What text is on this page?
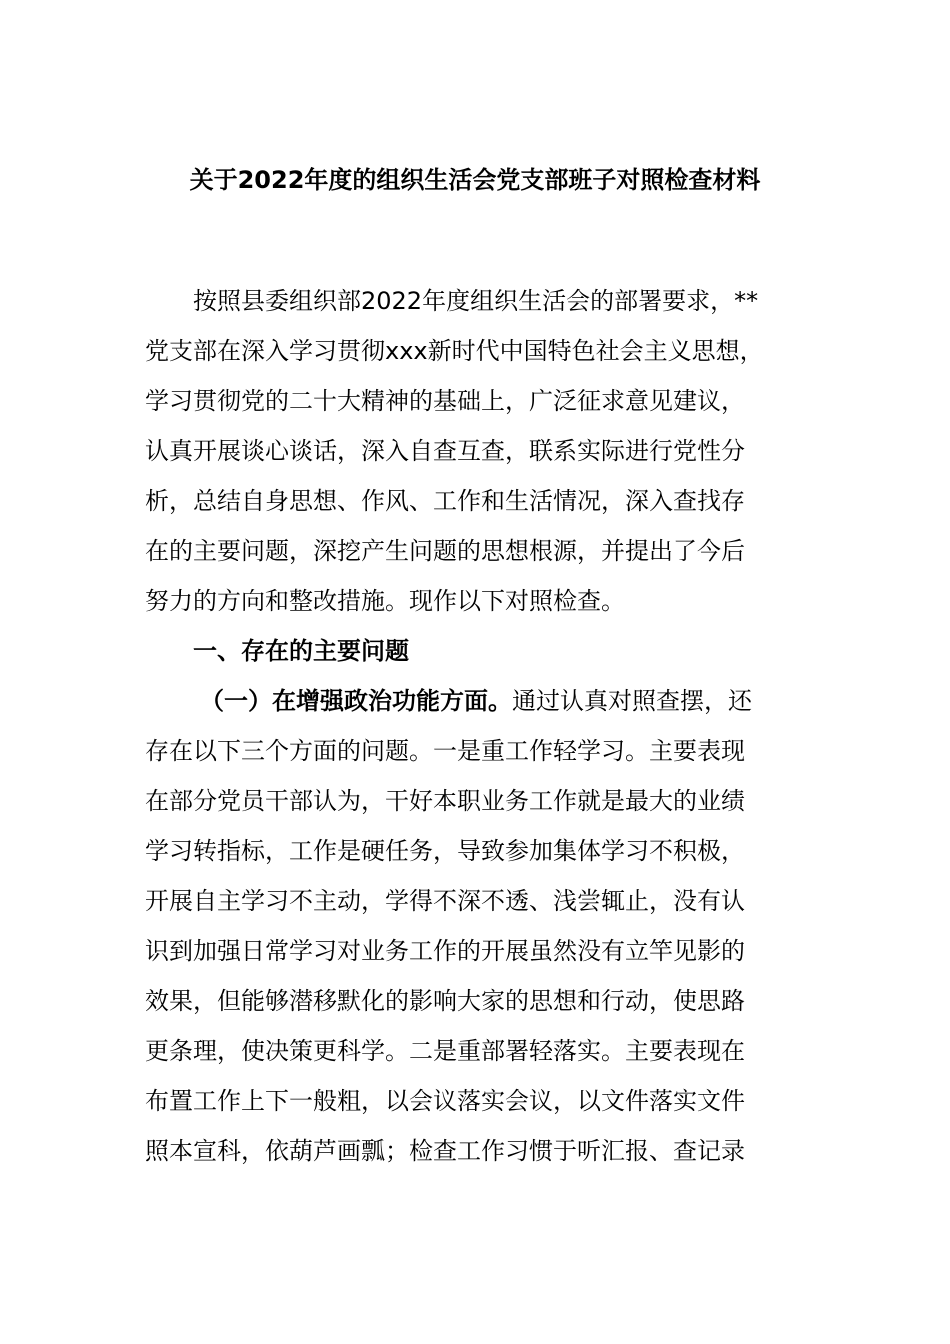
关于2022年度的组织生活会党支部班子对照检查材料
按照县委组织部2022年度组织生活会的部署要求，**
党支部在深入学习贯彻xxx新时代中国特色社会主义思想，
学习贯彻党的二十大精神的基础上，广泛征求意见建议，
认真开展谈心谈话，深入自查互查，联系实际进行党性分
析，总结自身思想、作风、工作和生活情况，深入查找存
在的主要问题，深挖产生问题的思想根源，并提出了今后
努力的方向和整改措施。现作以下对照检查。
一、存在的主要问题
（一）在增强政治功能方面。通过认真对照查摆，还
存在以下三个方面的问题。一是重工作轻学习。主要表现
在部分党员干部认为，干好本职业务工作就是最大的业绩
学习转指标，工作是硬任务，导致参加集体学习不积极，
开展自主学习不主动，学得不深不透、浅尝辄止，没有认
识到加强日常学习对业务工作的开展虽然没有立竿见影的
效果，但能够潜移默化的影响大家的思想和行动，使思路
更条理，使决策更科学。二是重部署轻落实。主要表现在
布置工作上下一般粗，以会议落实会议，以文件落实文件
照本宣科，依葫芦画瓢；检查工作习惯于听汇报、查记录
